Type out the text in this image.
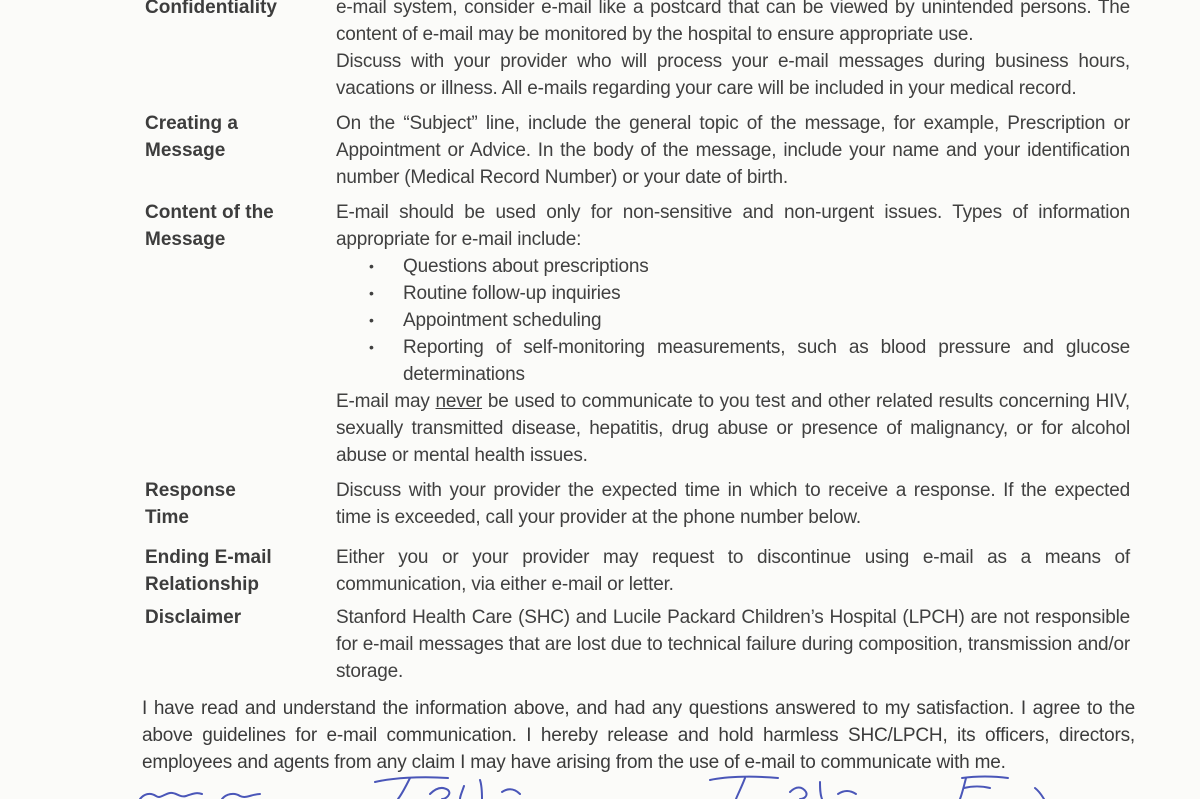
Confidentiality	e-mail system, consider e-mail like a postcard that can be viewed by unintended persons. The content of e-mail may be monitored by the hospital to ensure appropriate use.

Discuss with your provider who will process your e-mail messages during business hours, vacations or illness. All e-mails regarding your care will be included in your medical record.

Creating a
Message

On the “Subject” line, include the general topic of the message, for example, Prescription or Appointment or Advice. In the body of the message, include your name and your identification number (Medical Record Number) or your date of birth.

Content of the
Message

E-mail should be used only for non-sensitive and non-urgent issues. Types of information appropriate for e-mail include:

• Questions about prescriptions
• Routine follow-up inquiries
• Appointment scheduling
• Reporting of self-monitoring measurements, such as blood pressure and glucose determinations

E-mail may never be used to communicate to you test and other related results concerning HIV, sexually transmitted disease, hepatitis, drug abuse or presence of malignancy, or for alcohol abuse or mental health issues.

Response
Time

Discuss with your provider the expected time in which to receive a response. If the expected time is exceeded, call your provider at the phone number below.

Ending E-mail
Relationship

Either you or your provider may request to discontinue using e-mail as a means of communication, via either e-mail or letter.

Disclaimer	Stanford Health Care (SHC) and Lucile Packard Children’s Hospital (LPCH) are not responsible for e-mail messages that are lost due to technical failure during composition, transmission and/or storage.

I have read and understand the information above, and had any questions answered to my satisfaction. I agree to the above guidelines for e-mail communication. I hereby release and hold harmless SHC/LPCH, its officers, directors, employees and agents from any claim I may have arising from the use of e-mail to communicate with me.
